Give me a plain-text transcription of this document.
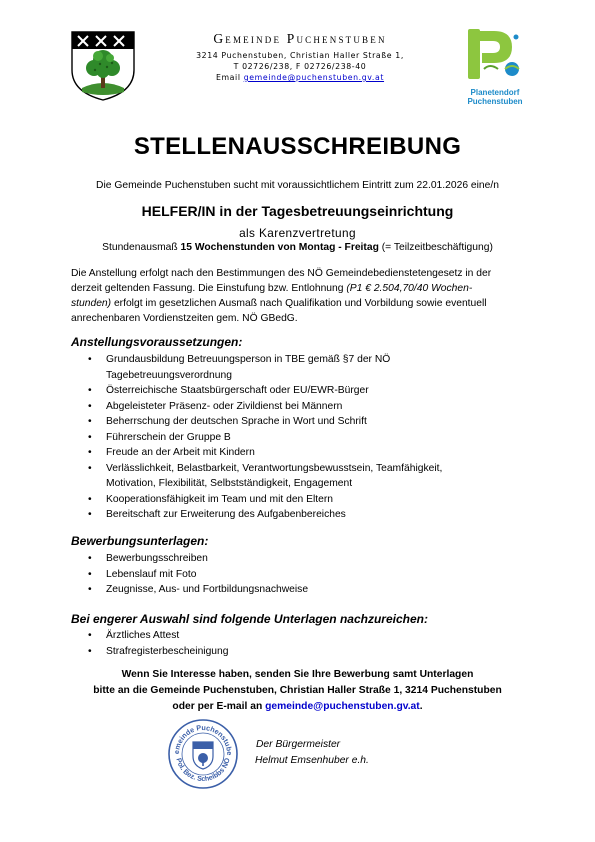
Gemeinde Puchenstuben
3214 Puchenstuben, Christian Haller Straße 1,
T 02726/238, F 02726/238-40
Email gemeinde@puchenstuben.gv.at
Planetendorf
Puchenstuben
STELLENAUSSCHREIBUNG
Die Gemeinde Puchenstuben sucht mit voraussichtlichem Eintritt zum 22.01.2026 eine/n
HELFER/IN in der Tagesbetreuungseinrichtung
als Karenzvertretung
Stundenausmaß 15 Wochenstunden von Montag - Freitag (= Teilzeitbeschäftigung)
Die Anstellung erfolgt nach den Bestimmungen des NÖ Gemeindebedienstetengesetz in der
derzeit geltenden Fassung. Die Einstufung bzw. Entlohnung (P1 € 2.504,70/40 Wochen-
stunden) erfolgt im gesetzlichen Ausmaß nach Qualifikation und Vorbildung sowie eventuell
anrechenbaren Vordienstzeiten gem. NÖ GBedG.
Anstellungsvoraussetzungen:
• Grundausbildung Betreuungsperson in TBE gemäß §7 der NÖ Tagebetreuungsverordnung
• Österreichische Staatsbürgerschaft oder EU/EWR-Bürger
• Abgeleisteter Präsenz- oder Zivildienst bei Männern
• Beherrschung der deutschen Sprache in Wort und Schrift
• Führerschein der Gruppe B
• Freude an der Arbeit mit Kindern
• Verlässlichkeit, Belastbarkeit, Verantwortungsbewusstsein, Teamfähigkeit, Motivation, Flexibilität, Selbstständigkeit, Engagement
• Kooperationsfähigkeit im Team und mit den Eltern
• Bereitschaft zur Erweiterung des Aufgabenbereiches
Bewerbungsunterlagen:
• Bewerbungsschreiben
• Lebenslauf mit Foto
• Zeugnisse, Aus- und Fortbildungsnachweise
Bei engerer Auswahl sind folgende Unterlagen nachzureichen:
• Ärztliches Attest
• Strafregisterbescheinigung
Wenn Sie Interesse haben, senden Sie Ihre Bewerbung samt Unterlagen
bitte an die Gemeinde Puchenstuben, Christian Haller Straße 1, 3214 Puchenstuben
oder per E-mail an gemeinde@puchenstuben.gv.at.
emeinde Puchenstube
Pol. Bez. Scheibbs NÖ
Der Bürgermeister
Helmut Emsenhuber e.h.
